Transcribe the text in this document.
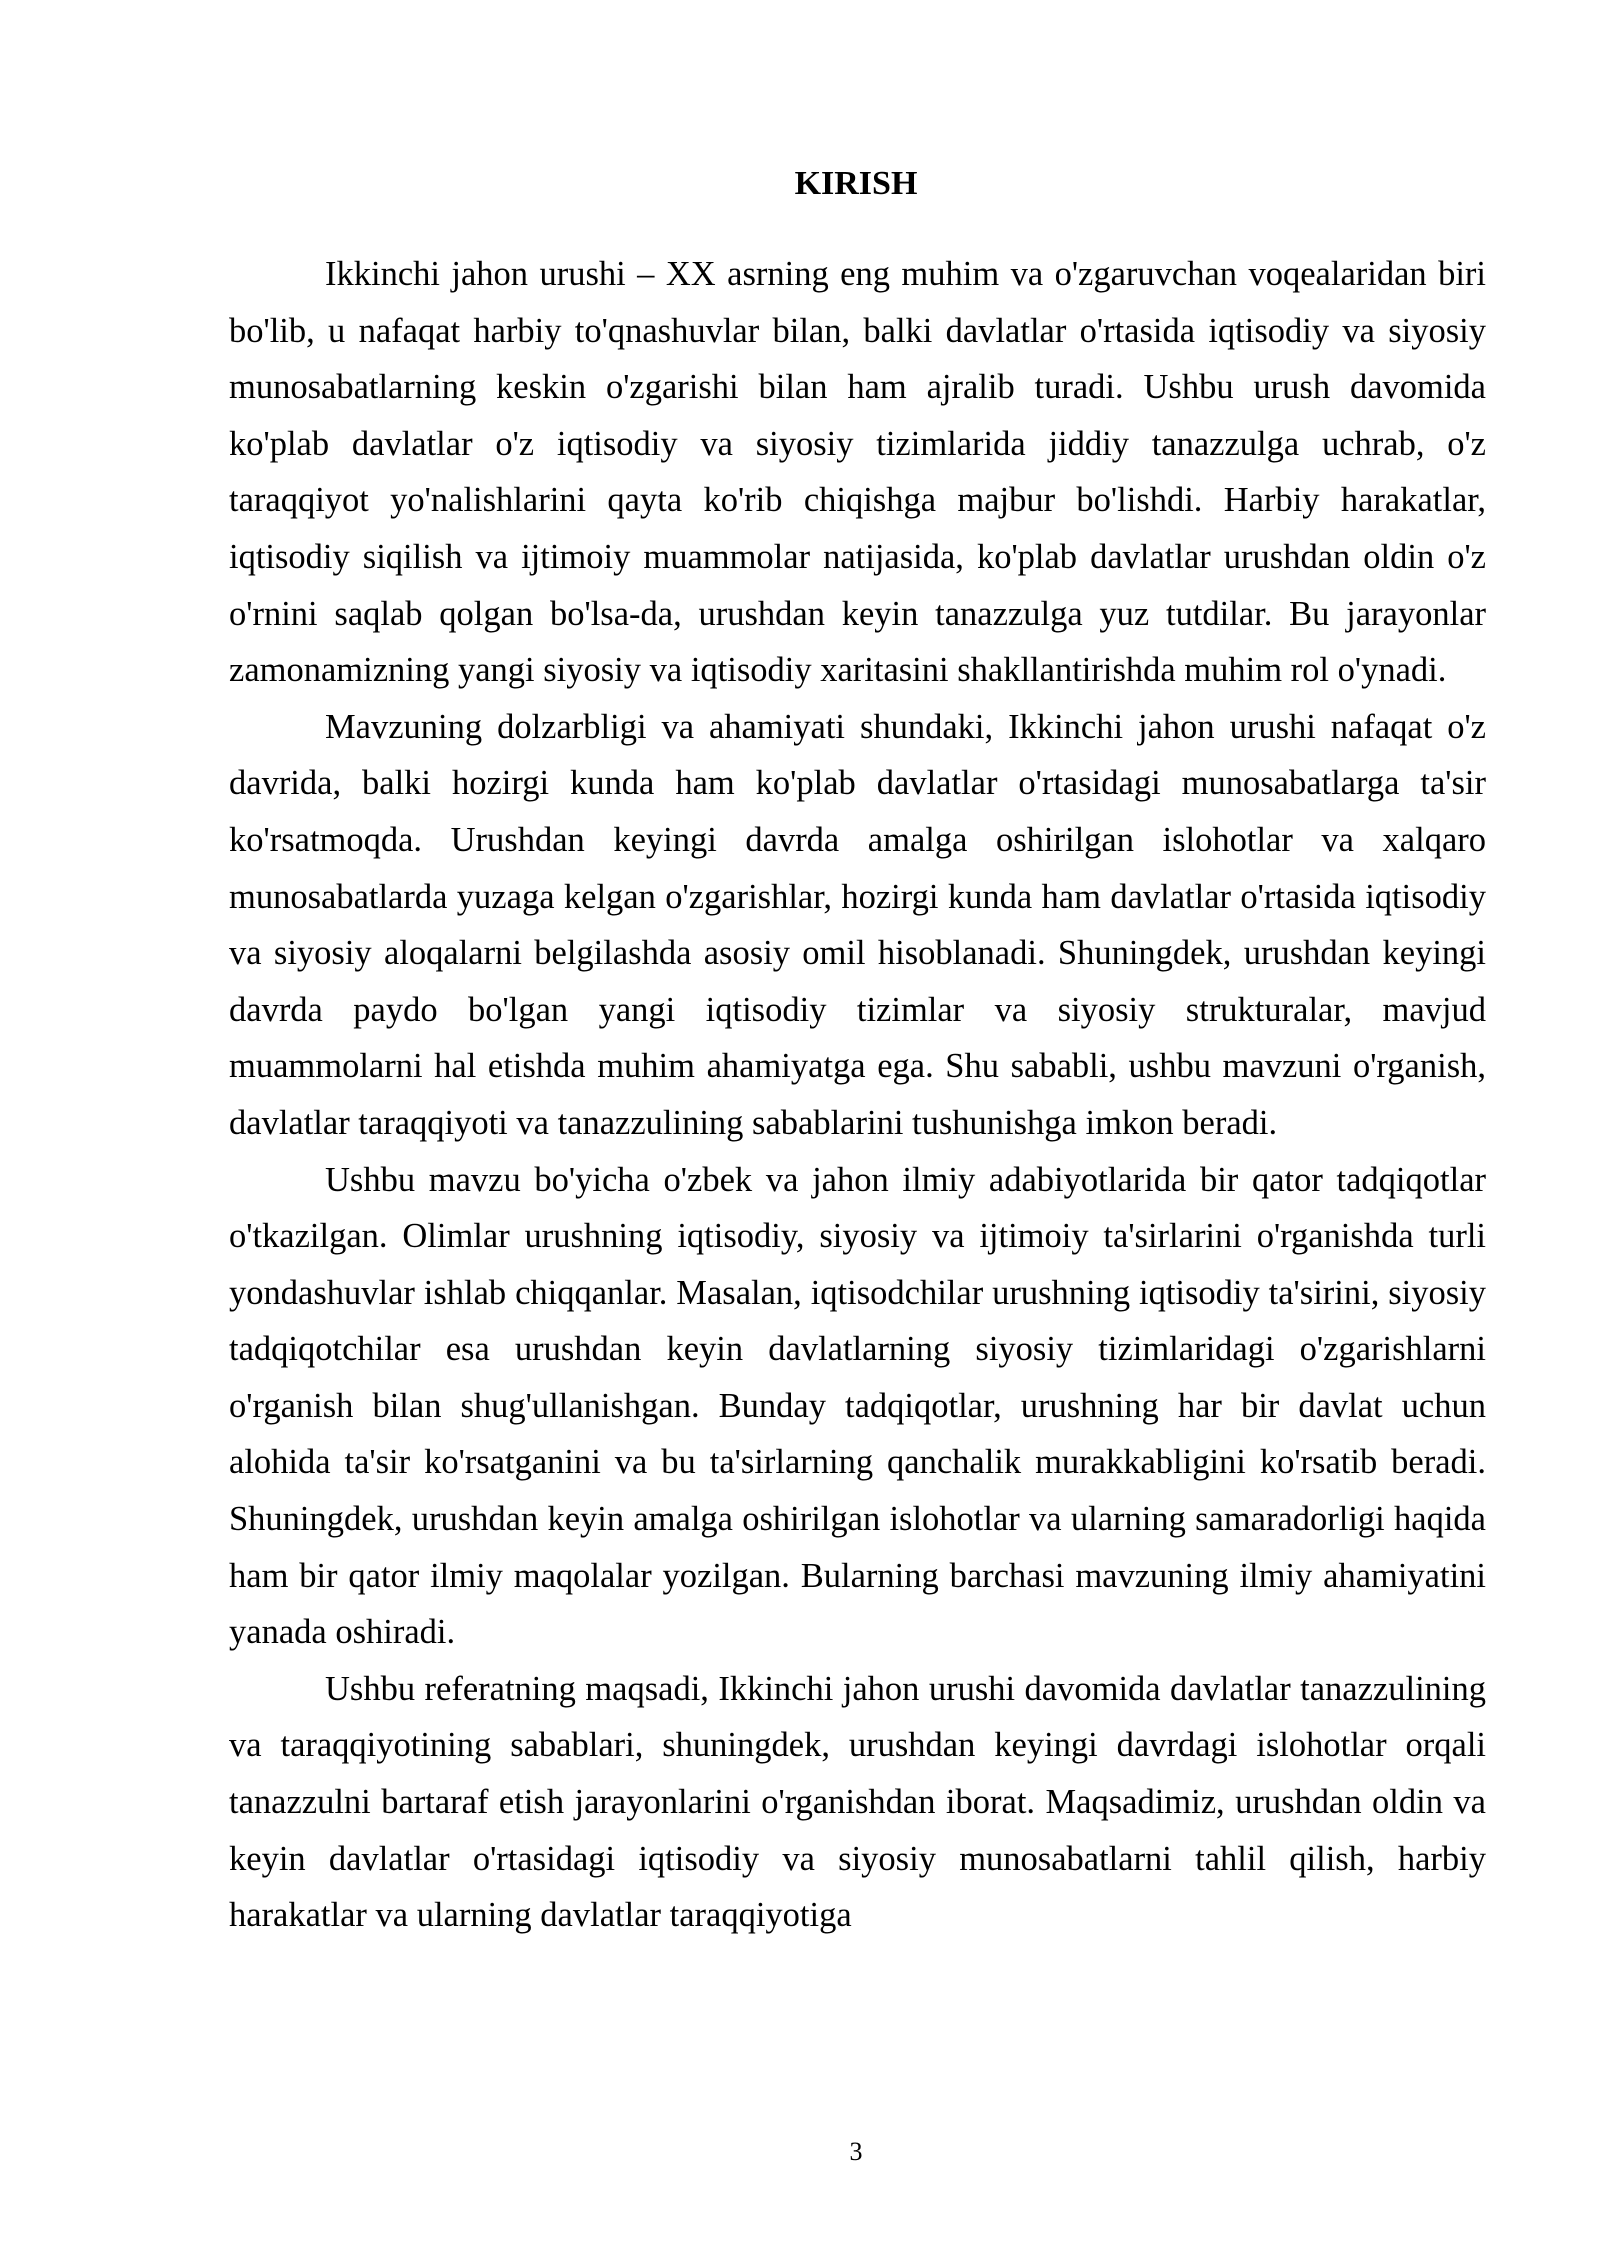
KIRISH

Ikkinchi jahon urushi – XX asrning eng muhim va o'zgaruvchan voqealaridan biri bo'lib, u nafaqat harbiy to'qnashuvlar bilan, balki davlatlar o'rtasida iqtisodiy va siyosiy munosabatlarning keskin o'zgarishi bilan ham ajralib turadi. Ushbu urush davomida ko'plab davlatlar o'z iqtisodiy va siyosiy tizimlarida jiddiy tanazzulga uchrab, o'z taraqqiyot yo'nalishlarini qayta ko'rib chiqishga majbur bo'lishdi. Harbiy harakatlar, iqtisodiy siqilish va ijtimoiy muammolar natijasida, ko'plab davlatlar urushdan oldin o'z o'rnini saqlab qolgan bo'lsa-da, urushdan keyin tanazzulga yuz tutdilar. Bu jarayonlar zamonamizning yangi siyosiy va iqtisodiy xaritasini shakllantirishda muhim rol o'ynadi.

Mavzuning dolzarbligi va ahamiyati shundaki, Ikkinchi jahon urushi nafaqat o'z davrida, balki hozirgi kunda ham ko'plab davlatlar o'rtasidagi munosabatlarga ta'sir ko'rsatmoqda. Urushdan keyingi davrda amalga oshirilgan islohotlar va xalqaro munosabatlarda yuzaga kelgan o'zgarishlar, hozirgi kunda ham davlatlar o'rtasida iqtisodiy va siyosiy aloqalarni belgilashda asosiy omil hisoblanadi. Shuningdek, urushdan keyingi davrda paydo bo'lgan yangi iqtisodiy tizimlar va siyosiy strukturalar, mavjud muammolarni hal etishda muhim ahamiyatga ega. Shu sababli, ushbu mavzuni o'rganish, davlatlar taraqqiyoti va tanazzulining sabablarini tushunishga imkon beradi.

Ushbu mavzu bo'yicha o'zbek va jahon ilmiy adabiyotlarida bir qator tadqiqotlar o'tkazilgan. Olimlar urushning iqtisodiy, siyosiy va ijtimoiy ta'sirlarini o'rganishda turli yondashuvlar ishlab chiqqanlar. Masalan, iqtisodchilar urushning iqtisodiy ta'sirini, siyosiy tadqiqotchilar esa urushdan keyin davlatlarning siyosiy tizimlaridagi o'zgarishlarni o'rganish bilan shug'ullanishgan. Bunday tadqiqotlar, urushning har bir davlat uchun alohida ta'sir ko'rsatganini va bu ta'sirlarning qanchalik murakkabligini ko'rsatib beradi. Shuningdek, urushdan keyin amalga oshirilgan islohotlar va ularning samaradorligi haqida ham bir qator ilmiy maqolalar yozilgan. Bularning barchasi mavzuning ilmiy ahamiyatini yanada oshiradi.

Ushbu referatning maqsadi, Ikkinchi jahon urushi davomida davlatlar tanazzulining va taraqqiyotining sabablari, shuningdek, urushdan keyingi davrdagi islohotlar orqali tanazzulni bartaraf etish jarayonlarini o'rganishdan iborat. Maqsadimiz, urushdan oldin va keyin davlatlar o'rtasidagi iqtisodiy va siyosiy munosabatlarni tahlil qilish, harbiy harakatlar va ularning davlatlar taraqqiyotiga

3
